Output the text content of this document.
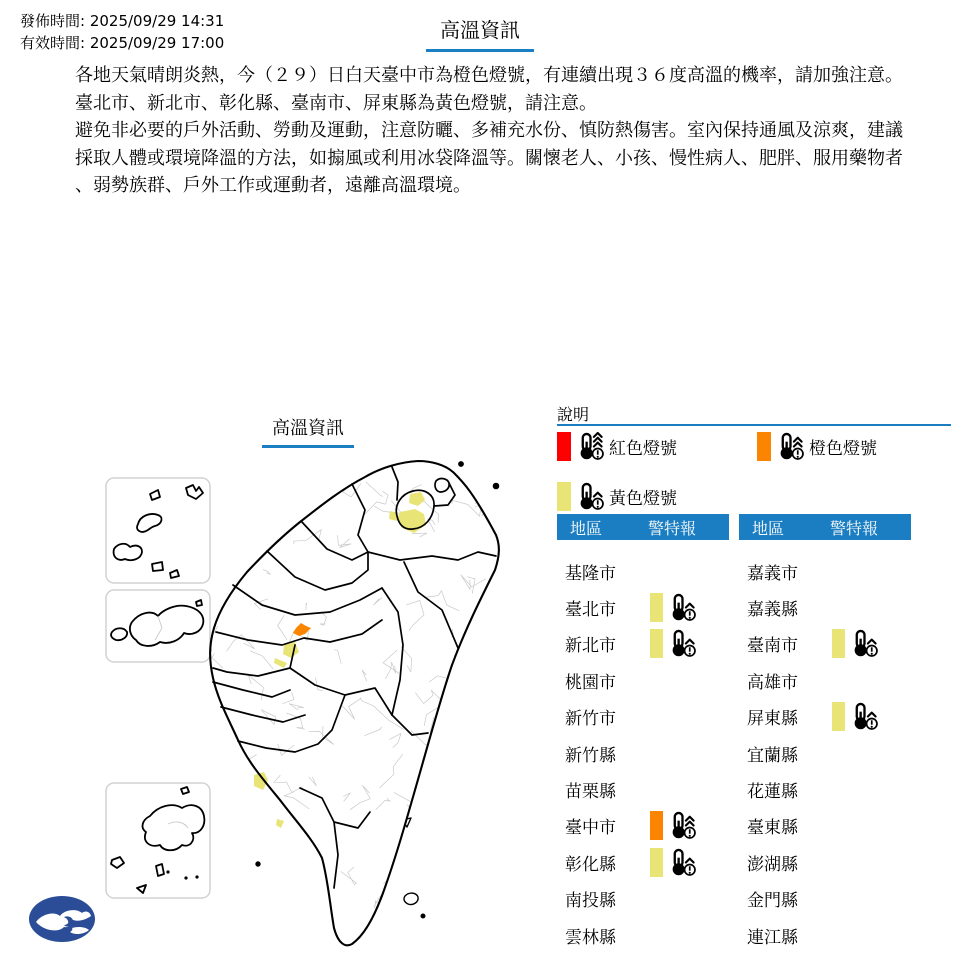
發佈時間: 2025/09/29 14:31
有效時間: 2025/09/29 17:00
高溫資訊
各地天氣晴朗炎熱，今（２９）日白天臺中市為橙色燈號，有連續出現３６度高溫的機率，請加強注意。
臺北市、新北市、彰化縣、臺南市、屏東縣為黃色燈號，請注意。
避免非必要的戶外活動、勞動及運動，注意防曬、多補充水份、慎防熱傷害。室內保持通風及涼爽，建議
採取人體或環境降溫的方法，如搧風或利用冰袋降溫等。關懷老人、小孩、慢性病人、肥胖、服用藥物者
、弱勢族群、戶外工作或運動者，遠離高溫環境。
高溫資訊
說明
紅色燈號	橙色燈號
黃色燈號
地區	警特報
基隆市
臺北市
新北市
桃園市
新竹市
新竹縣
苗栗縣
臺中市
彰化縣
南投縣
雲林縣
地區	警特報
嘉義市
嘉義縣
臺南市
高雄市
屏東縣
宜蘭縣
花蓮縣
臺東縣
澎湖縣
金門縣
連江縣
